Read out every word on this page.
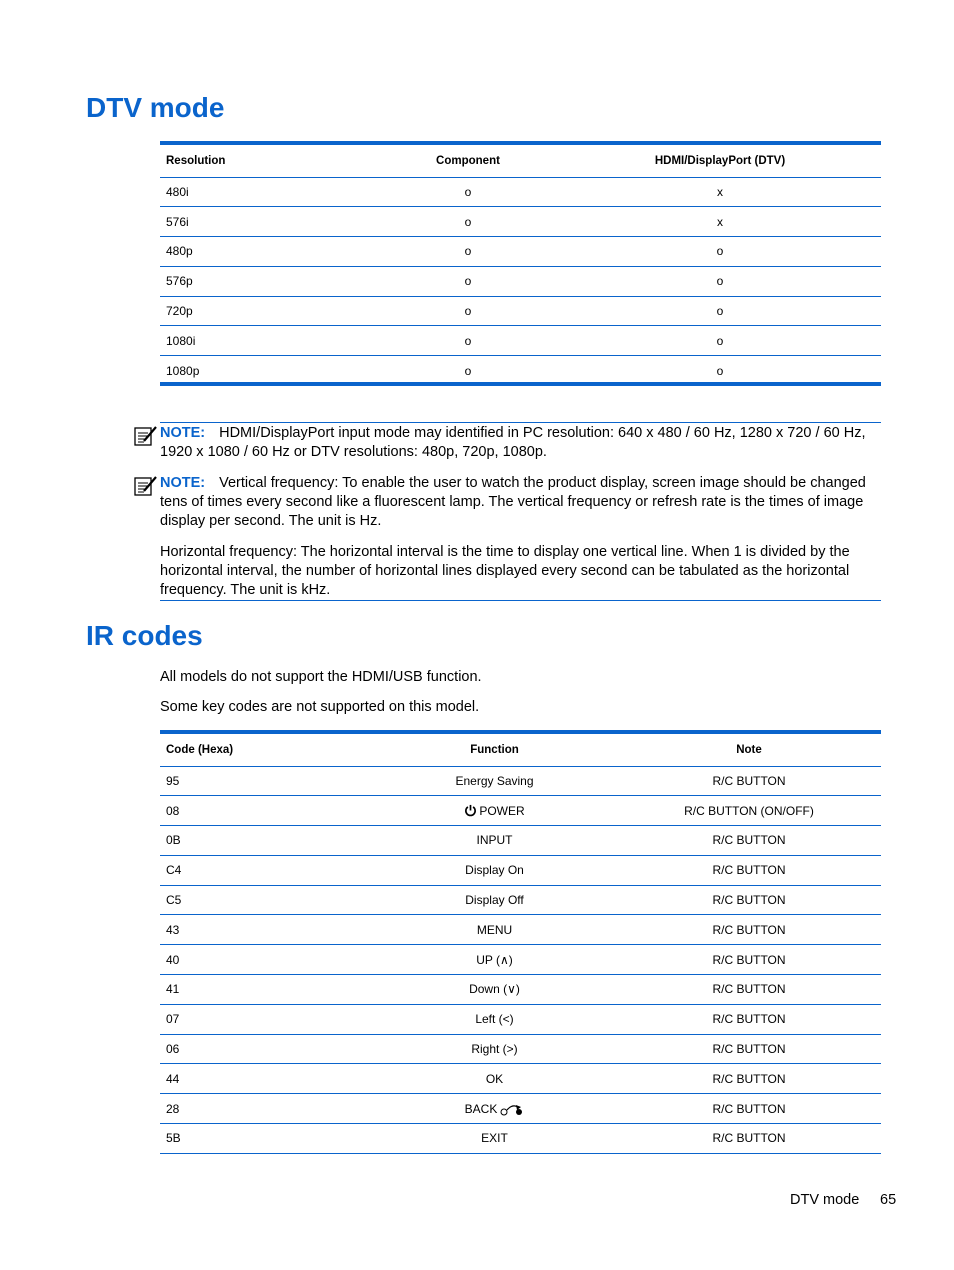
DTV mode
Resolution	Component	HDMI/DisplayPort (DTV)
480i	o	x
576i	o	x
480p	o	o
576p	o	o
720p	o	o
1080i	o	o
1080p	o	o
NOTE: HDMI/DisplayPort input mode may identified in PC resolution: 640 x 480 / 60 Hz, 1280 x 720 / 60 Hz, 1920 x 1080 / 60 Hz or DTV resolutions: 480p, 720p, 1080p.
NOTE: Vertical frequency: To enable the user to watch the product display, screen image should be changed tens of times every second like a fluorescent lamp. The vertical frequency or refresh rate is the times of image display per second. The unit is Hz.
Horizontal frequency: The horizontal interval is the time to display one vertical line. When 1 is divided by the horizontal interval, the number of horizontal lines displayed every second can be tabulated as the horizontal frequency. The unit is kHz.
IR codes
All models do not support the HDMI/USB function.
Some key codes are not supported on this model.
Code (Hexa)	Function	Note
95	Energy Saving	R/C BUTTON
08	POWER	R/C BUTTON (ON/OFF)
0B	INPUT	R/C BUTTON
C4	Display On	R/C BUTTON
C5	Display Off	R/C BUTTON
43	MENU	R/C BUTTON
40	UP (∧)	R/C BUTTON
41	Down (∨)	R/C BUTTON
07	Left (<)	R/C BUTTON
06	Right (>)	R/C BUTTON
44	OK	R/C BUTTON
28	BACK	R/C BUTTON
5B	EXIT	R/C BUTTON
DTV mode 65
